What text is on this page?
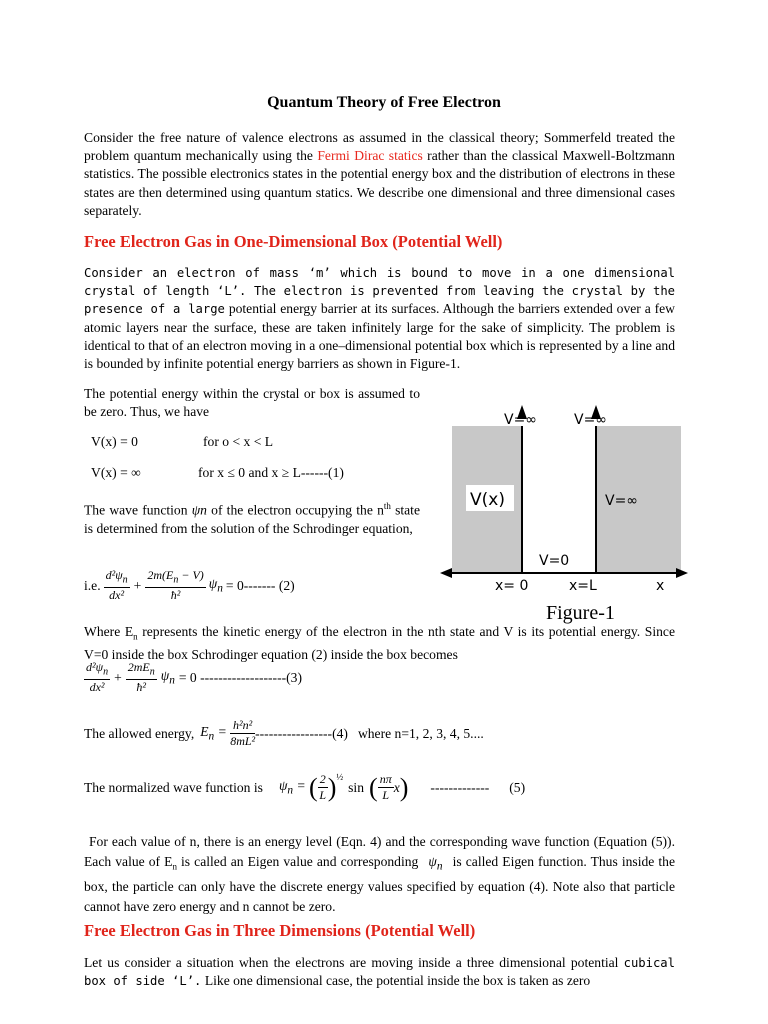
Quantum Theory of Free Electron

Consider the free nature of valence electrons as assumed in the classical theory; Sommerfeld treated the problem quantum mechanically using the Fermi Dirac statics rather than the classical Maxwell-Boltzmann statistics. The possible electronics states in the potential energy box and the distribution of electrons in these states are then determined using quantum statics. We describe one dimensional and three dimensional cases separately.

Free Electron Gas in One-Dimensional Box (Potential Well)

Consider an electron of mass ‘m’ which is bound to move in a one dimensional crystal of length ‘L’. The electron is prevented from leaving the crystal by the presence of a large potential energy barrier at its surfaces. Although the barriers extended over a few atomic layers near the surface, these are taken infinitely large for the sake of simplicity. The problem is identical to that of an electron moving in a one–dimensional potential box which is represented by a line and is bounded by infinite potential energy barriers as shown in Figure-1.

The potential energy within the crystal or box is assumed to be zero. Thus, we have

V(x) = 0	for o < x < L

V(x) = ∞	for x ≤ 0 and x ≥ L------(1)

The wave function ψn of the electron occupying the $n^{th}$ state is determined from the solution of the Schrodinger equation,

i.e. $\frac{d^2\psi_n}{\text{dx²}} + \frac{2m(E_n - V)}{\text{ħ²}} \psi_n = 0-------$ (2)

Where $E_n$ represents the kinetic energy of the electron in the nth state and V is its potential energy. Since V=0 inside the box Schrodinger equation (2) inside the box becomes

$\frac{d^2\psi_n}{\text{dx²}} + \frac{2mE_n}{\text{ħ²}} \psi_n = 0$ -------------------(3)
The allowed energy, $E_n = \frac{\text{h²n²}}{\text{8mL²}} -----------------(4)$ where n=1, 2, 3, 4, 5....
The normalized wave function is $\psi_n$ = ( $\frac{2}{L} )^{\frac{1}{2}}$
sin ( $\frac{n\pi}{L}$ x ) ------------- (5)

For each value of n, there is an energy level (Eqn. 4) and the corresponding wave function (Equation (5)). Each value of $E_n$ is called an Eigen value and corresponding $\psi_n$ is called Eigen function. Thus inside the box, the particle can only have the discrete energy values specified by equation (4). Note also that particle cannot have zero energy and n cannot be zero.

Free Electron Gas in Three Dimensions (Potential Well)

Let us consider a situation when the electrons are moving inside a three dimensional potential cubical box of side ‘L’. Like one dimensional case, the potential inside the box is taken as zero

V(x)
V=∞	V=∞
V=∞
V=0
x= 0	x=L	x
Figure-1
